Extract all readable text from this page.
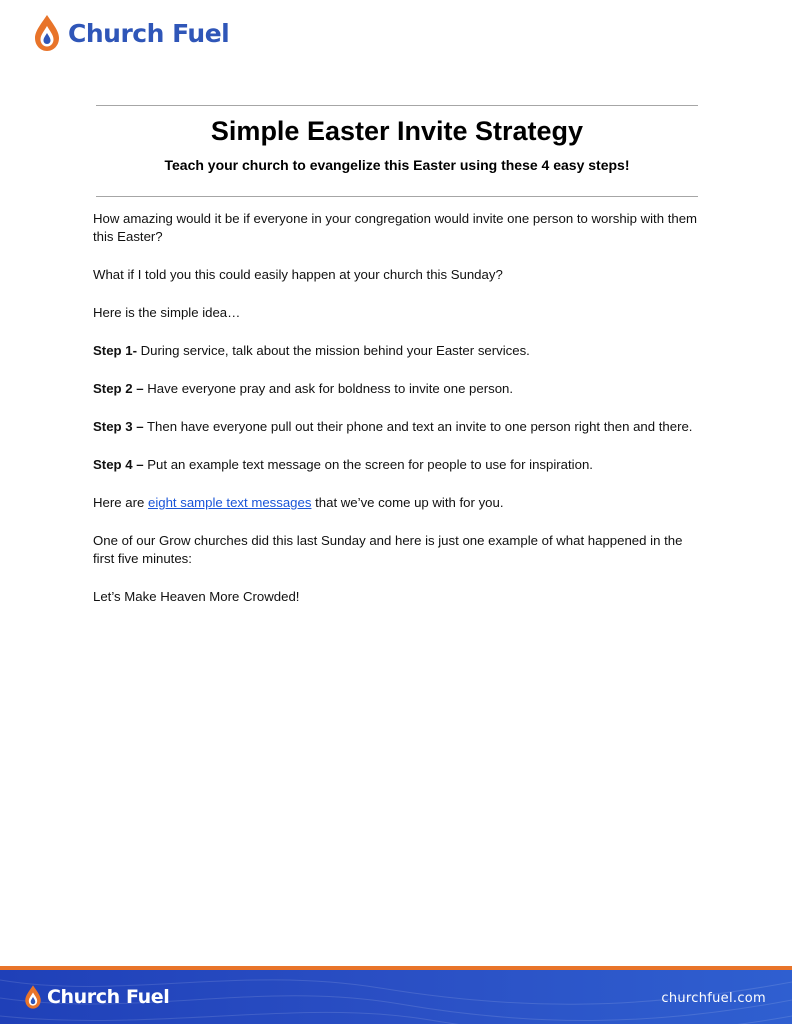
Church Fuel
Simple Easter Invite Strategy
Teach your church to evangelize this Easter using these 4 easy steps!

How amazing would it be if everyone in your congregation would invite one person to worship with them this Easter?

What if I told you this could easily happen at your church this Sunday?

Here is the simple idea…

Step 1- During service, talk about the mission behind your Easter services.

Step 2 – Have everyone pray and ask for boldness to invite one person.

Step 3 – Then have everyone pull out their phone and text an invite to one person right then and there.

Step 4 – Put an example text message on the screen for people to use for inspiration.

Here are eight sample text messages that we’ve come up with for you.

One of our Grow churches did this last Sunday and here is just one example of what happened in the first five minutes:

Let’s Make Heaven More Crowded!

Church Fuel	churchfuel.com
